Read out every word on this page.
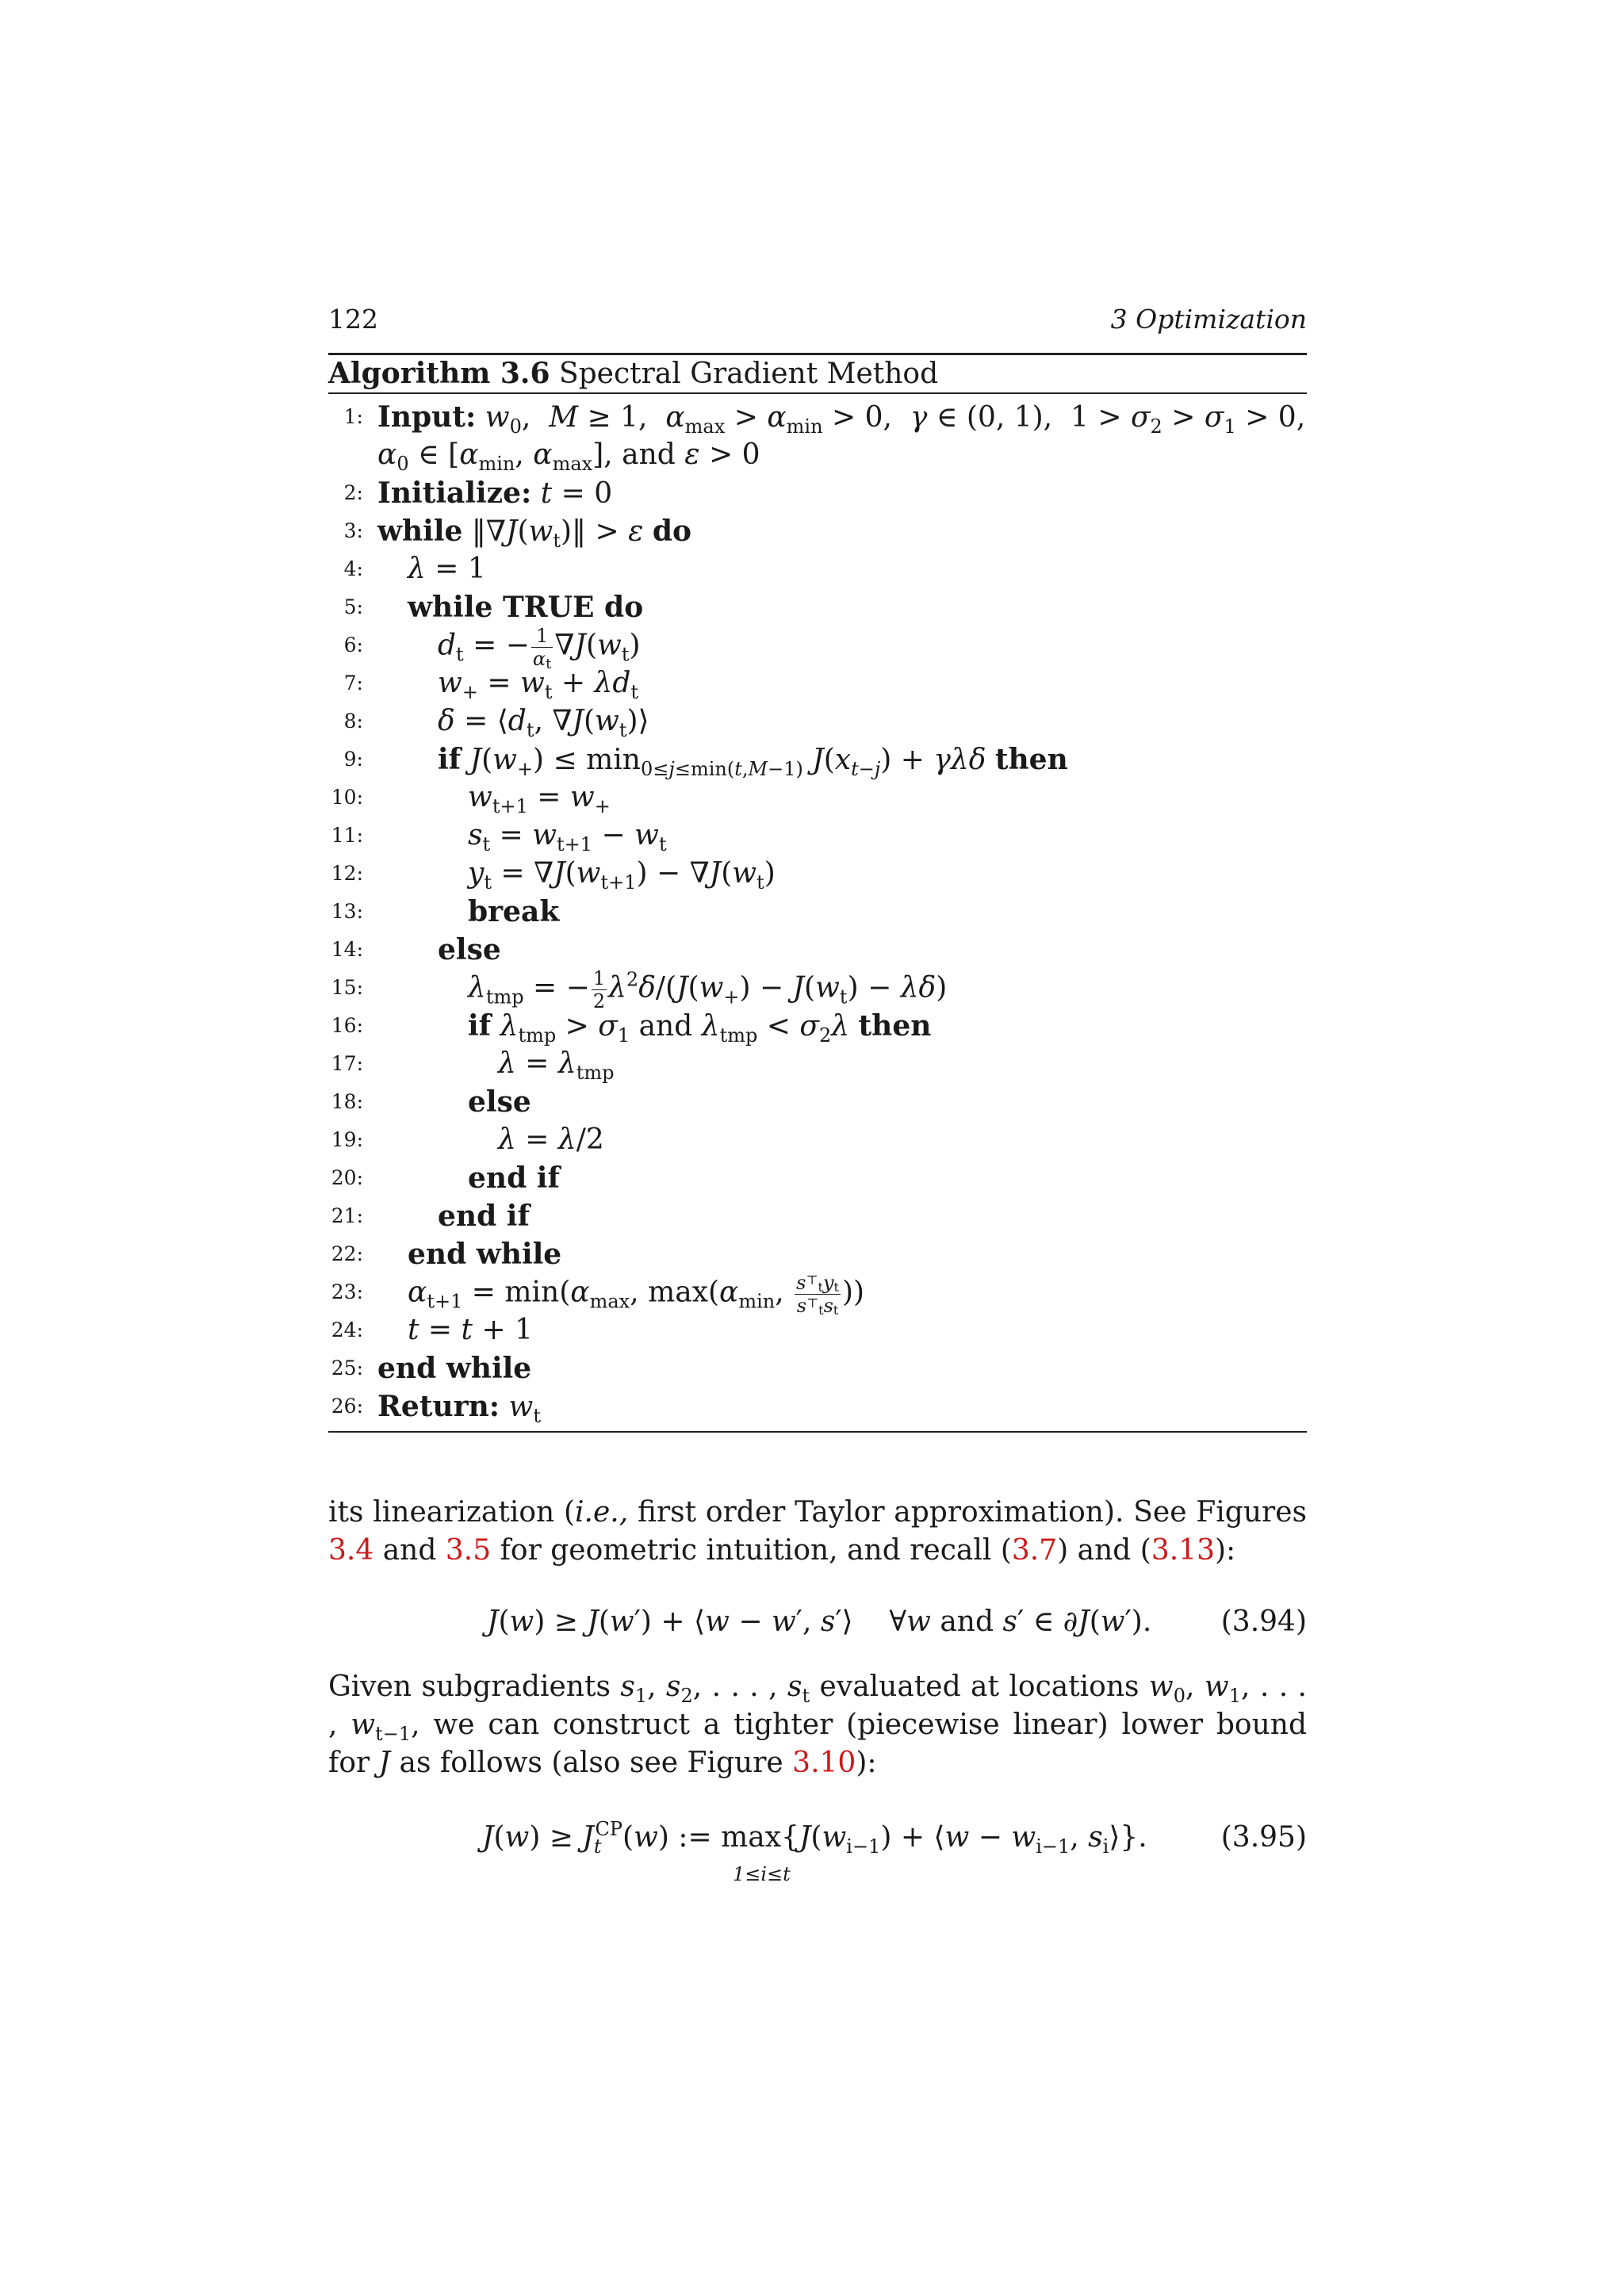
122	3 Optimization
Algorithm 3.6 Spectral Gradient Method
1: Input: $w_0$,  M ≥ 1,  $\alpha_{max} > \alpha_{min} > 0$,  γ ∈ (0, 1),  $1 > \sigma_2 > \sigma_1 > 0$,
$\alpha_0$ ∈ [$\alpha_{min}$, $\alpha_{max}$], and ε > 0
2: Initialize: t = 0
3: while $‖\nabla J(w_t)‖ > \varepsilon$ do
4: λ = 1
5: while TRUE do
6:	$d_t$ = − $\frac{1}{\alpha_t} \nabla J(w_t)$
7:	$w_+ = w_t + \lambda d_t$
8:	$\delta = ⟨d_t$, $\nabla J(w_t)⟩$
9:	if $J(w_+) \le \min_{0\le j\le min(t,M-1)} J(x_{t-j}) + \gamma\lambda\delta$ then
10:	$w_{t+1} = w_+$
11:	$s_t = w_{t+1} - w_t$
12:	$y_t = \nabla J(w_{t+1}) - \nabla J(w_t)$
13:	break
14:	else
15:	$\lambda_{tmp}$ = − $\frac{1}{2} \lambda^2\delta/(J(w_+) - J(w_t) - \lambda\delta)$
16:	if $\lambda_{tmp} > \sigma_1$ and $\lambda_{tmp} < \sigma_2\lambda$ then
17:	$\lambda = \lambda_{tmp}$
18:	else
19:	λ = λ/2
20:	end if
21:	end if
22: end while
23: $\alpha_{t+1} = \min(\alpha_{max}$, $\max(\alpha_{min}$, $\frac{s^⊤_ty_t}{s^⊤_ts_t}$ ))
24: t = t + 1
25: end while
26: Return: $w_t$
its linearization (i.e., first order Taylor approximation). See Figures 3.4 and 3.5 for geometric intuition, and recall (3.7) and (3.13):
J(w) ≥ J(w′) + ⟨w − w′, s′⟩    ∀w and s′ ∈ ∂J(w′). (3.94)
Given subgradients $s_1$, $s_2$, . . . , $s_t$ evaluated at locations $w_0$, $w_1$, . . . , $w_{t-1}$, we can construct a tighter (piecewise linear) lower bound for J as follows (also see Figure 3.10):
$J(w) \ge J_t^{CP}(w)$ := $\max \{J(w_{i-1})$ + ⟨w − $w_{i-1}$, $s_i⟩$}.
1≤i≤t
(3.95)
